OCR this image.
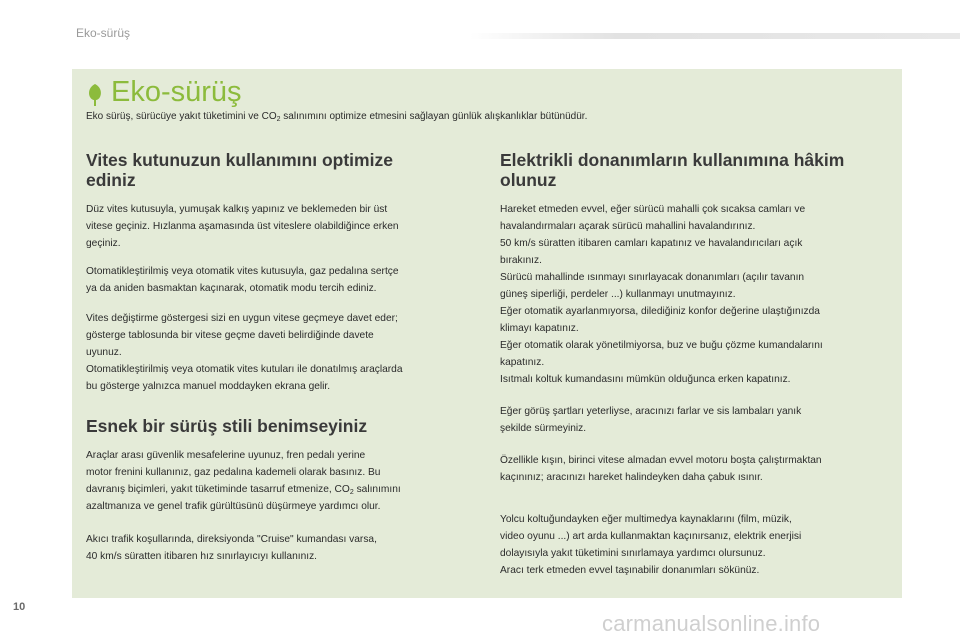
Eko-sürüş
Eko-sürüş
Eko sürüş, sürücüye yakıt tüketimini ve $CO_2$ salınımını optimize etmesini sağlayan günlük alışkanlıklar bütünüdür.
Vites kutunuzun kullanımını optimize
ediniz

Düz vites kutusuyla, yumuşak kalkış yapınız ve beklemeden bir üst
vitese geçiniz. Hızlanma aşamasında üst viteslere olabildiğince erken
geçiniz.

Otomatikleştirilmiş veya otomatik vites kutusuyla, gaz pedalına sertçe
ya da aniden basmaktan kaçınarak, otomatik modu tercih ediniz.

Vites değiştirme göstergesi sizi en uygun vitese geçmeye davet eder;
gösterge tablosunda bir vitese geçme daveti belirdiğinde davete
uyunuz.
Otomatikleştirilmiş veya otomatik vites kutuları ile donatılmış araçlarda
bu gösterge yalnızca manuel moddayken ekrana gelir.

Esnek bir sürüş stili benimseyiniz

Araçlar arası güvenlik mesafelerine uyunuz, fren pedalı yerine
motor frenini kullanınız, gaz pedalına kademeli olarak basınız. Bu
davranış biçimleri, yakıt tüketiminde tasarruf etmenize, $CO_2$ salınımını
azaltmanıza ve genel trafik gürültüsünü düşürmeye yardımcı olur.

Akıcı trafik koşullarında, direksiyonda "Cruise" kumandası varsa,
40 km/s süratten itibaren hız sınırlayıcıyı kullanınız.

Elektrikli donanımların kullanımına hâkim
olunuz

Hareket etmeden evvel, eğer sürücü mahalli çok sıcaksa camları ve
havalandırmaları açarak sürücü mahallini havalandırınız.
50 km/s süratten itibaren camları kapatınız ve havalandırıcıları açık
bırakınız.
Sürücü mahallinde ısınmayı sınırlayacak donanımları (açılır tavanın
güneş siperliği, perdeler ...) kullanmayı unutmayınız.
Eğer otomatik ayarlanmıyorsa, dilediğiniz konfor değerine ulaştığınızda
klimayı kapatınız.
Eğer otomatik olarak yönetilmiyorsa, buz ve buğu çözme kumandalarını
kapatınız.
Isıtmalı koltuk kumandasını mümkün olduğunca erken kapatınız.

Eğer görüş şartları yeterliyse, aracınızı farlar ve sis lambaları yanık
şekilde sürmeyiniz.

Özellikle kışın, birinci vitese almadan evvel motoru boşta çalıştırmaktan
kaçınınız; aracınızı hareket halindeyken daha çabuk ısınır.

Yolcu koltuğundayken eğer multimedya kaynaklarını (film, müzik,
video oyunu ...) art arda kullanmaktan kaçınırsanız, elektrik enerjisi
dolayısıyla yakıt tüketimini sınırlamaya yardımcı olursunuz.
Aracı terk etmeden evvel taşınabilir donanımları sökünüz.

10
carmanualsonline.info
